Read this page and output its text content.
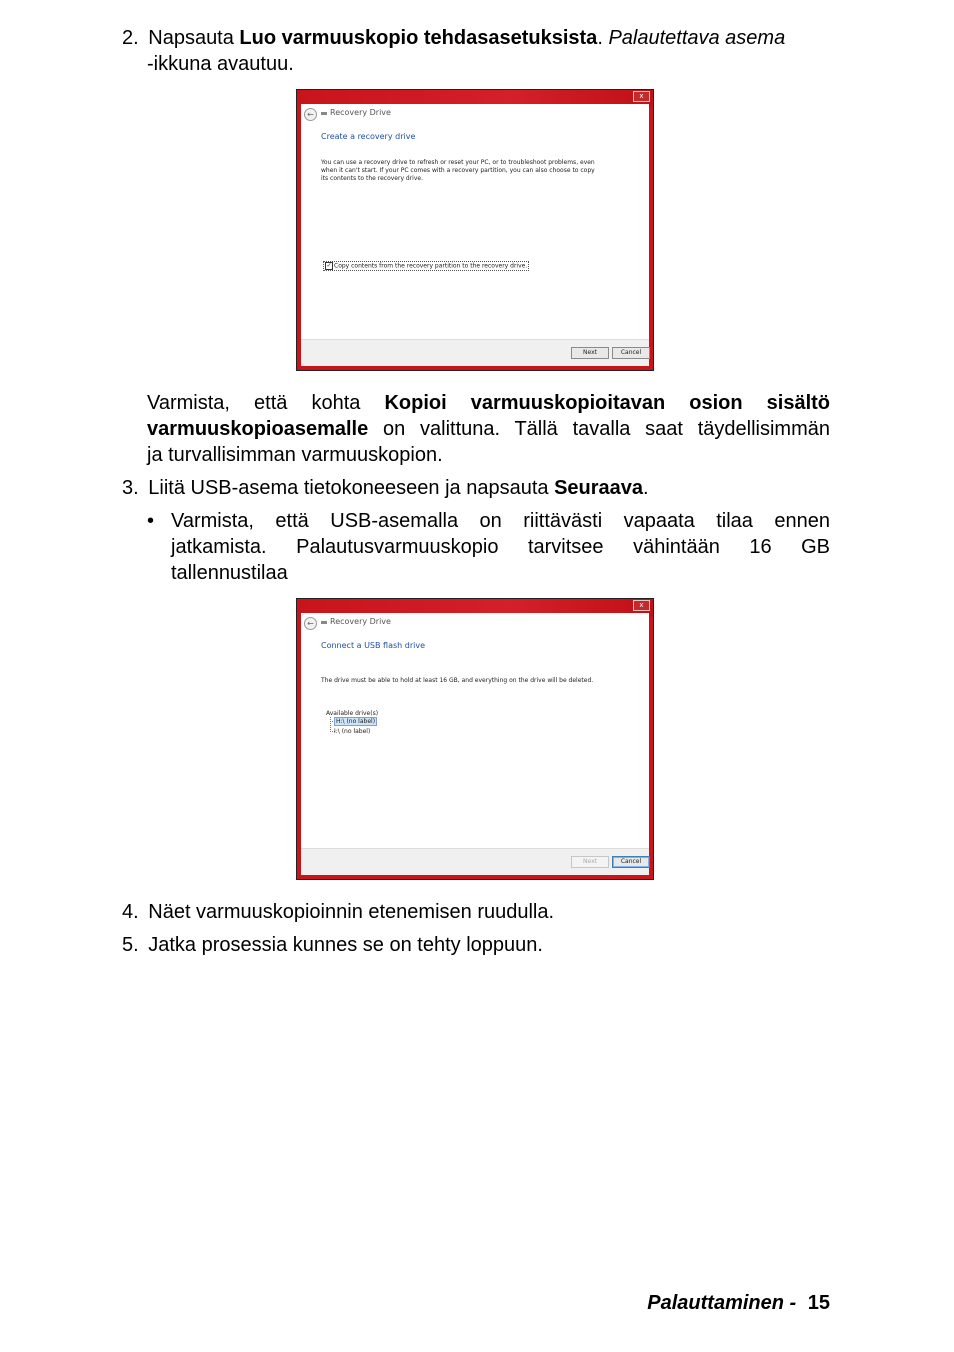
2. Napsauta Luo varmuuskopio tehdasasetuksista. Palautettava asema
-ikkuna avautuu.
x
←	Recovery Drive
Create a recovery drive
You can use a recovery drive to refresh or reset your PC, or to troubleshoot problems, even when it can't start. If your PC comes with a recovery partition, you can also choose to copy its contents to the recovery drive.
✓ Copy contents from the recovery partition to the recovery drive.
Next	Cancel
Varmista, että kohta Kopioi varmuuskopioitavan osion sisältö
varmuuskopioasemalle on valittuna. Tällä tavalla saat täydellisimmän
ja turvallisimman varmuuskopion.
3. Liitä USB-asema tietokoneeseen ja napsauta Seuraava.
• Varmista, että USB-asemalla on riittävästi vapaata tilaa ennen
jatkamista. Palautusvarmuuskopio tarvitsee vähintään 16 GB
tallennustilaa
x
←	Recovery Drive
Connect a USB flash drive
The drive must be able to hold at least 16 GB, and everything on the drive will be deleted.
Available drive(s)
H:\ (no label)
I:\ (no label)
Next	Cancel
4. Näet varmuuskopioinnin etenemisen ruudulla.
5. Jatka prosessia kunnes se on tehty loppuun.
Palauttaminen - 15
